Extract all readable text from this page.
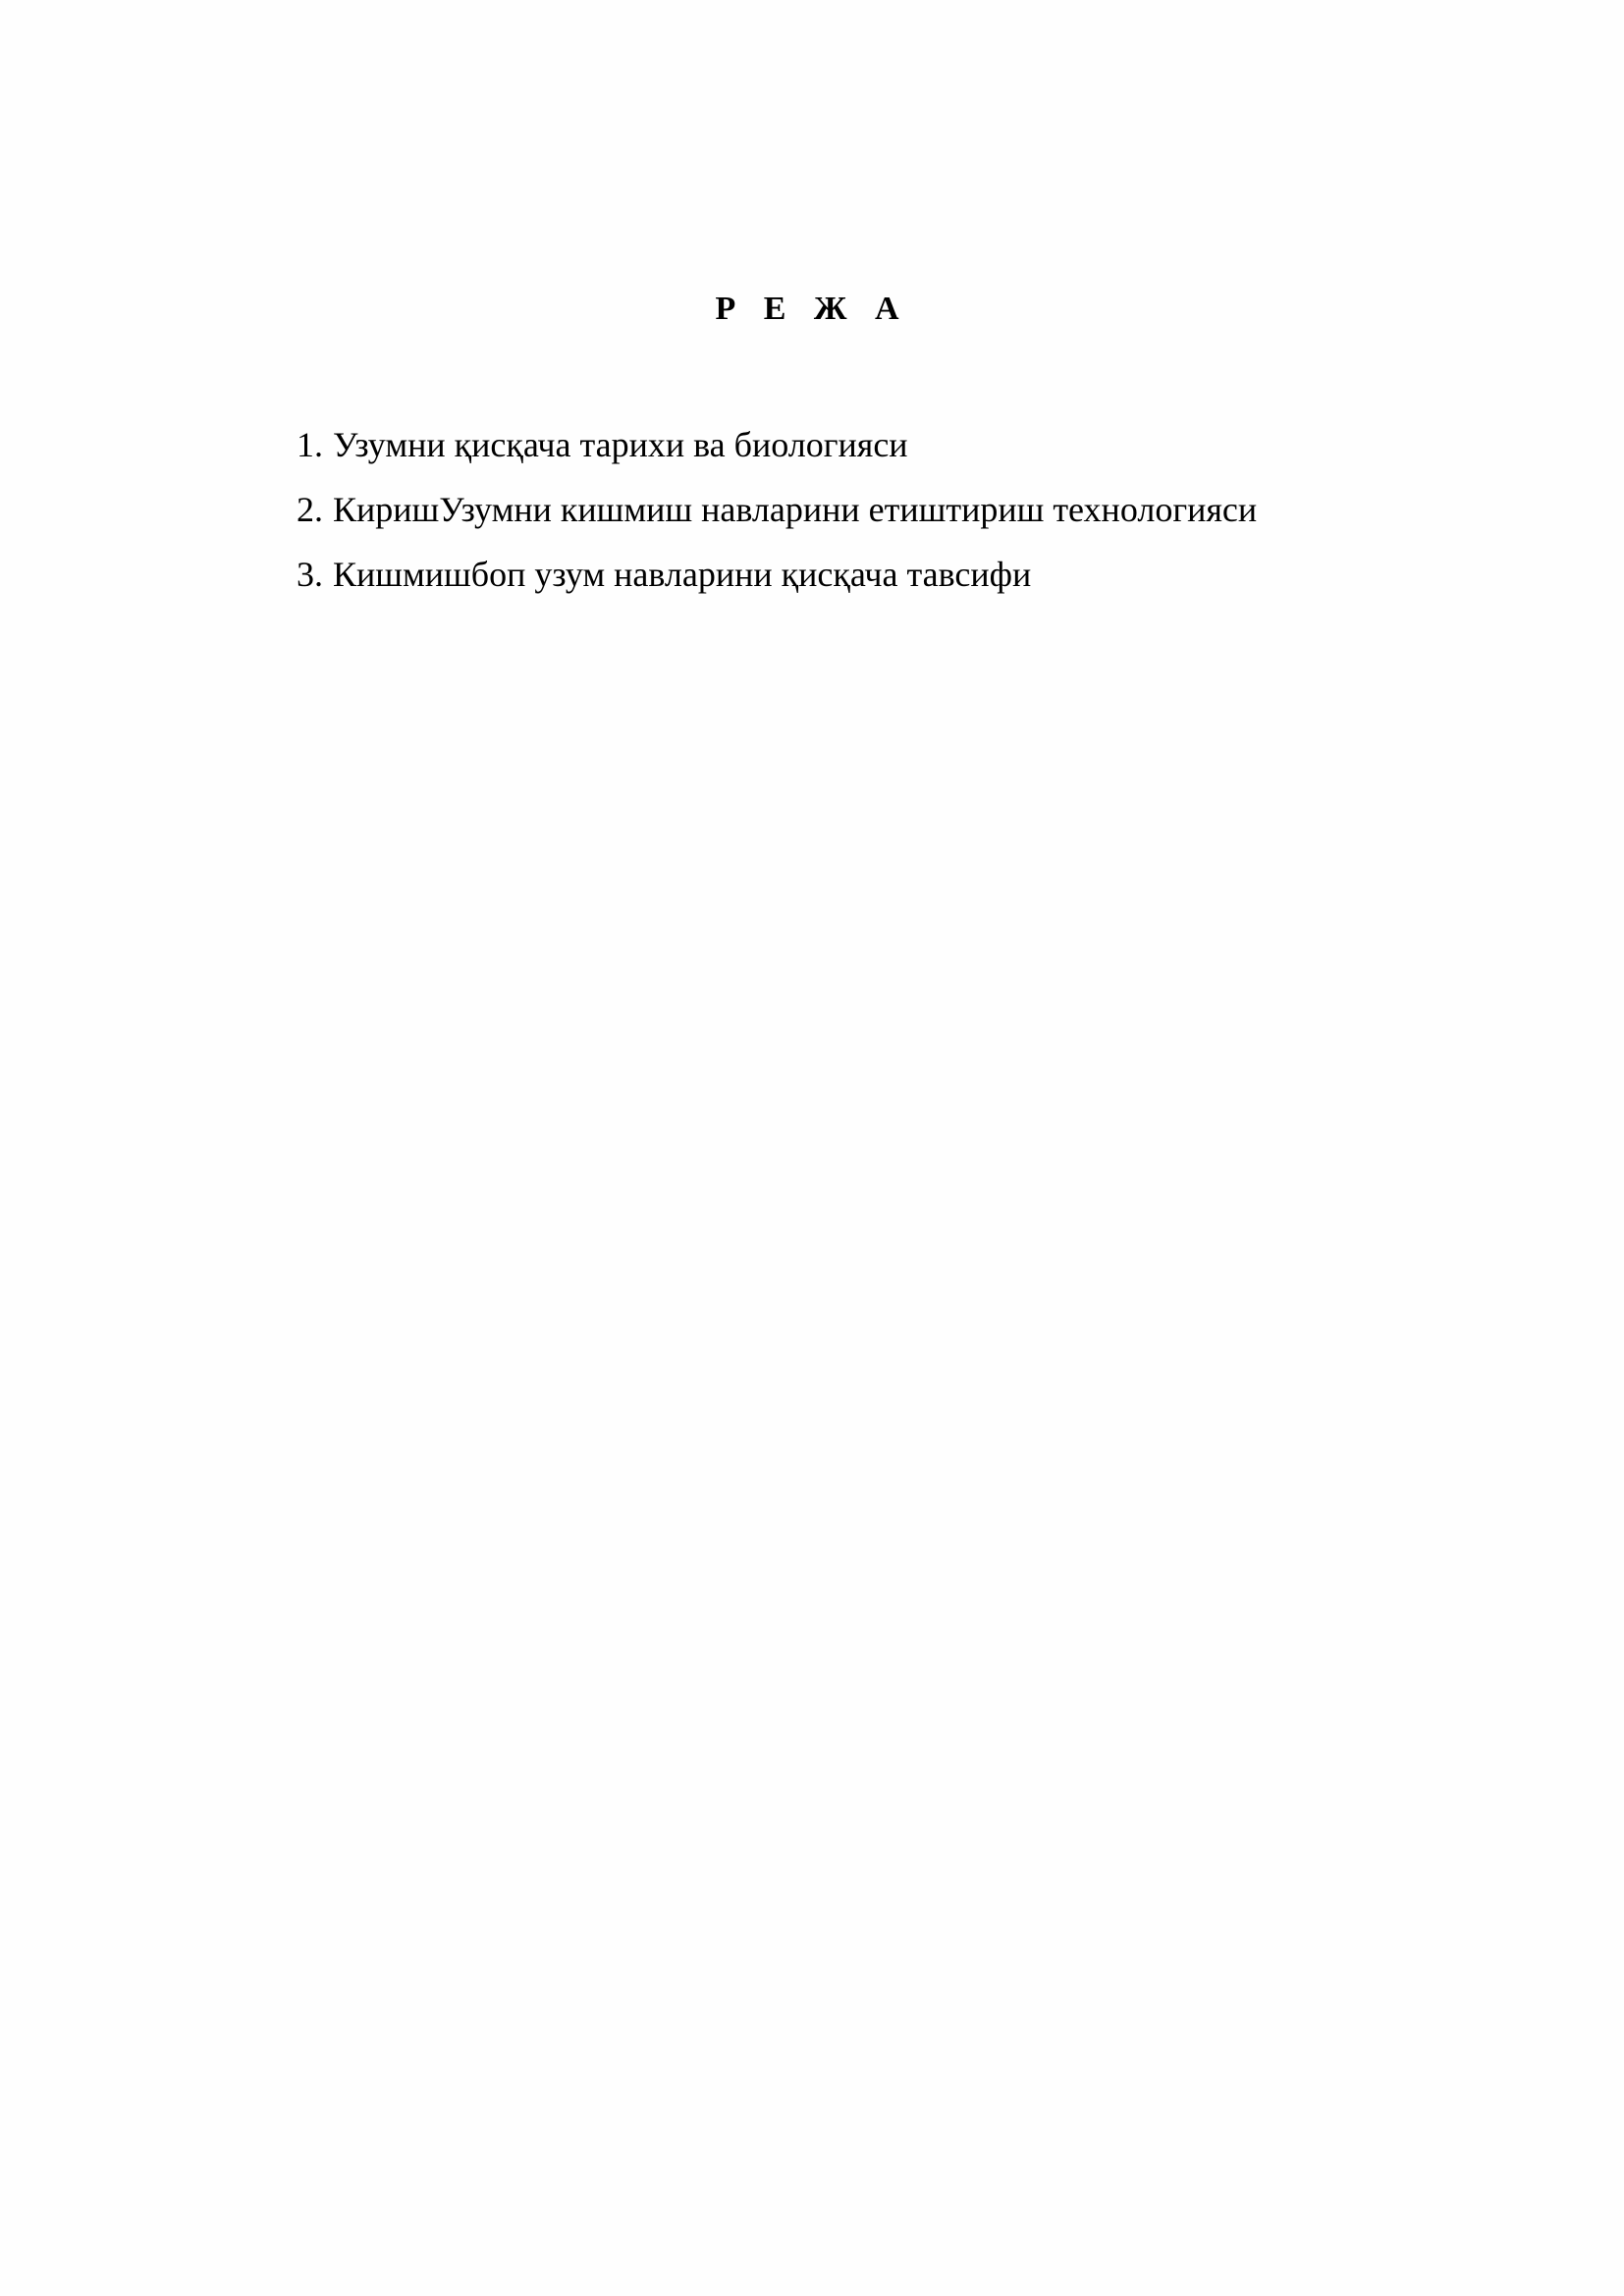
Р Е Ж А
1. Узумни қисқача тарихи ва биологияси
2. КиришУзумни кишмиш навларини етиштириш технологияси
3. Кишмишбоп узум навларини қисқача тавсифи
